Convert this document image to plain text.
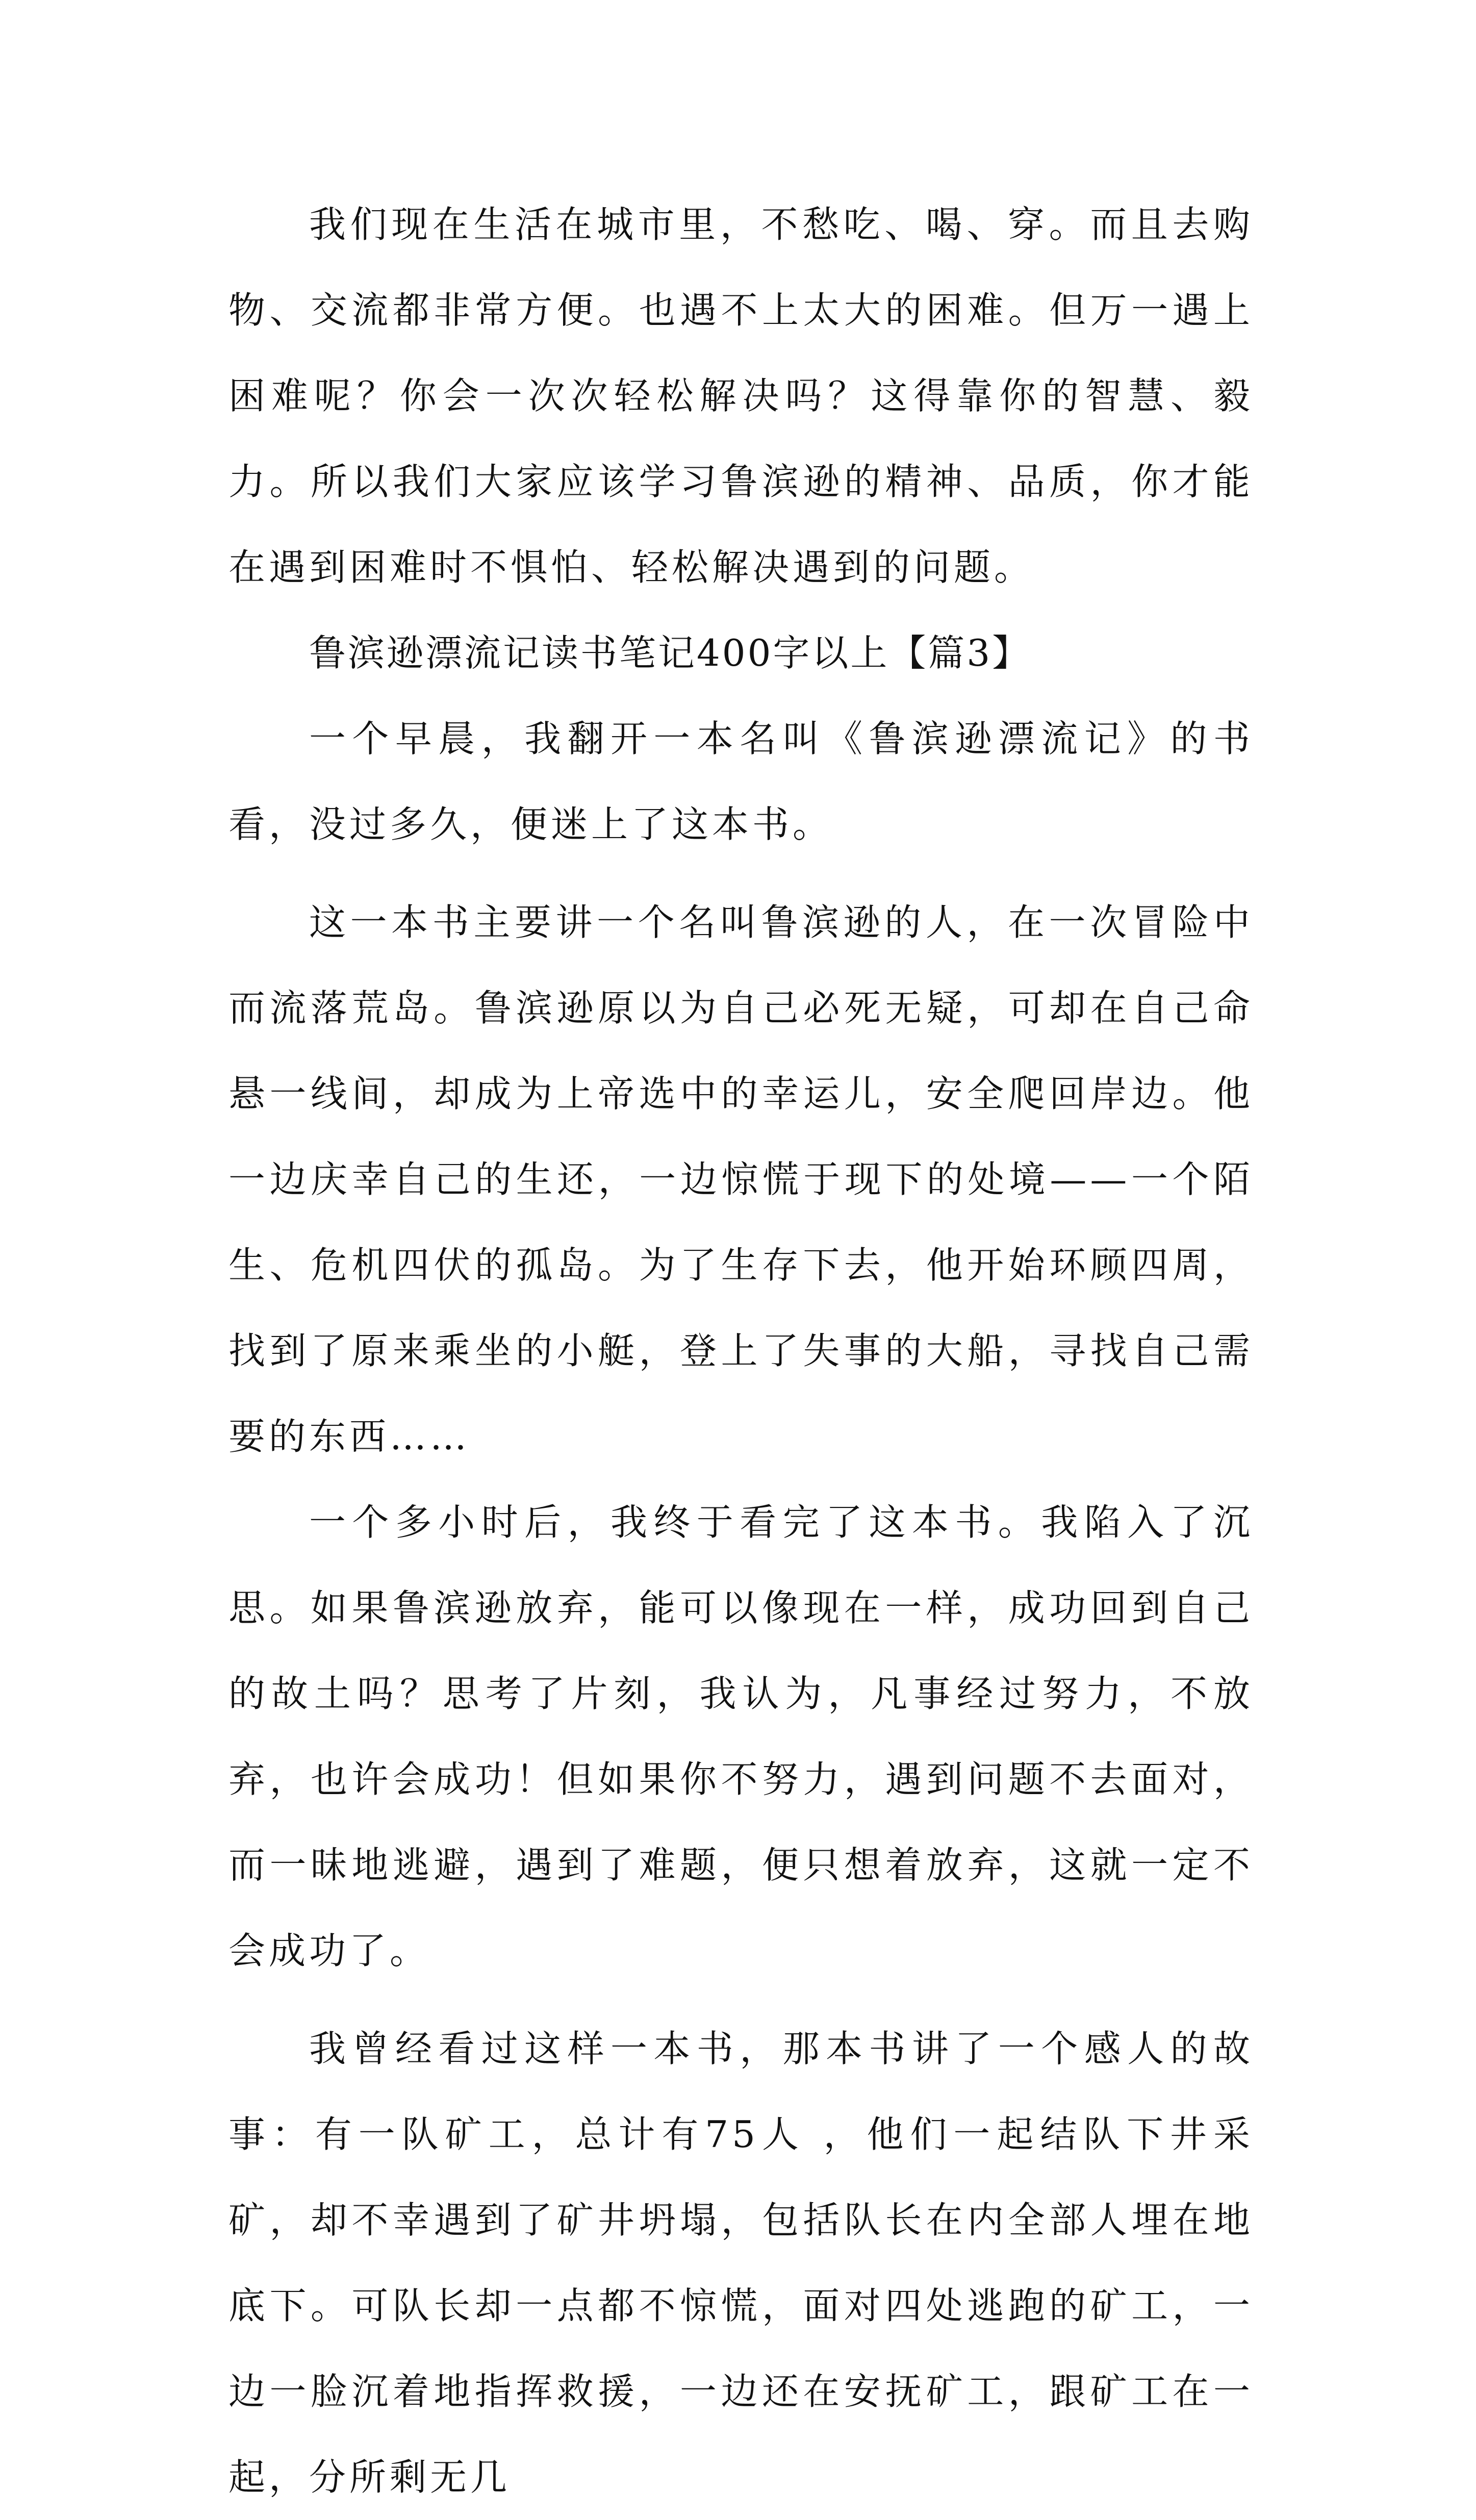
我们现在生活在城市里，不愁吃、喝、穿。而且去购物、交流都非常方便。也遇不上太大的困难。但万一遇上困难呢？你会一次次轻松解决吗？这得靠你的智慧、毅力。所以我们大家应该学习鲁滨逊的精神、品质，你才能在遇到困难时不惧怕、轻松解决遇到的问题。

鲁滨逊漂流记读书笔记400字以上【篇3】

一个早晨，我翻开一本名叫《鲁滨逊漂流记》的书看，没过多久，便迷上了这本书。

这一本书主要讲一个名叫鲁滨逊的人，在一次冒险中而流落荒岛。鲁滨逊原以为自己必死无疑，可却在自己命悬一线间，却成为上帝选中的幸运儿，安全爬回岸边。他一边庆幸自己的生还，一边惊慌于现下的处境——一个陌生、危机四伏的孤岛。为了生存下去，他开始环顾四周，找到了原来乘坐的小艇，登上了失事的大船，寻找自己需要的东西……

一个多小时后，我终于看完了这本书。我陷入了沉思。如果鲁滨逊放弃，能可以像现在一样，成功回到自己的故土吗？思考了片刻，我认为，凡事经过努力，不放弃，也许会成功！但如果你不努力，遇到问题不去面对，而一昧地逃避，遇到了难题，便只想着放弃，这就一定不会成功了。

我曾经看过这样一本书，那本书讲了一个感人的故事：有一队矿工，总计有75人 ，他们一起结队下井采矿，却不幸遇到了矿井坍塌，包括队长在内全部人埋在地底下。可队长却一点都不惊慌，面对四处逃跑的矿工，一边一脸沉着地指挥救援，一边还在安抚矿工，跟矿工在一起，分所剩无几
